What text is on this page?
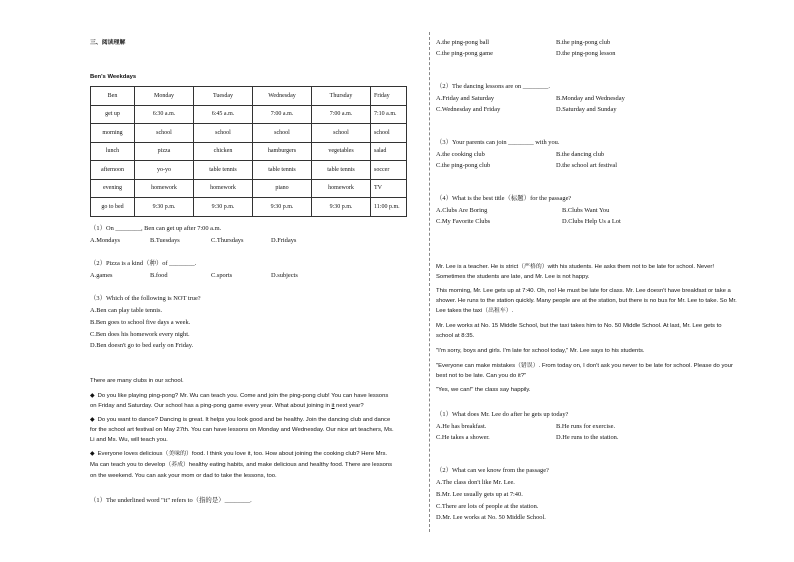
三、阅读理解
Ben's Weekdays
Ben	Monday	Tuesday	Wednesday	Thursday	Friday
get up	6:30 a.m.	6:45 a.m.	7:00 a.m.	7:00 a.m.	7:10 a.m.
morning	school	school	school	school	school
lunch	pizza	chicken	hamburgers	vegetables	salad
afternoon	yo-yo	table tennis	table tennis	table tennis	soccer
evening	homework	homework	piano	homework	TV
go to bed	9:30 p.m.	9:30 p.m.	9:30 p.m.	9:30 p.m.	11:00 p.m.
（1）On ________, Ben can get up after 7:00 a.m.
A.Mondays	B.Tuesdays	C.Thursdays	D.Fridays
（2）Pizza is a kind（种）of ________.
A.games	B.food	C.sports	D.subjects
（3）Which of the following is NOT true?
A.Ben can play table tennis.
B.Ben goes to school five days a week.
C.Ben does his homework every night.
D.Ben doesn't go to bed early on Friday.
There are many clubs in our school.
◆ Do you like playing ping-pong? Mr. Wu can teach you. Come and join the ping-pong club! You can have lessons
on Friday and Saturday. Our school has a ping-pong game every year. What about joining in it next year?
◆ Do you want to dance? Dancing is great. It helps you look good and be healthy. Join the dancing club and dance
for the school art festival on May 27th. You can have lessons on Monday and Wednesday. Our nice art teachers, Ms.
Li and Ms. Wu, will teach you.
◆ Everyone loves delicious（美味的）food. I think you love it, too. How about joining the cooking club? Here Mrs.
Ma can teach you to develop（养成）healthy eating habits, and make delicious and healthy food. There are lessons
on the weekend. You can ask your mom or dad to take the lessons, too.
（1）The underlined word "it" refers to（指的是）________.
A.the ping-pong ball	B.the ping-pong club
C.the ping-pong game	D.the ping-pong lesson
（2）The dancing lessons are on ________.
A.Friday and Saturday	B.Monday and Wednesday
C.Wednesday and Friday	D.Saturday and Sunday
（3）Your parents can join ________ with you.
A.the cooking club	B.the dancing club
C.the ping-pong club	D.the school art festival
（4）What is the best title（标题）for the passage?
A.Clubs Are Boring	B.Clubs Want You
C.My Favorite Clubs	D.Clubs Help Us a Lot
Mr. Lee is a teacher. He is strict（严格的）with his students. He asks them not to be late for school. Never!
Sometimes the students are late, and Mr. Lee is not happy.
This morning, Mr. Lee gets up at 7:40. Oh, no! He must be late for class. Mr. Lee doesn't have breakfast or take a
shower. He runs to the station quickly. Many people are at the station, but there is no bus for Mr. Lee to take. So Mr.
Lee takes the taxi（出租车）.
Mr. Lee works at No. 15 Middle School, but the taxi takes him to No. 50 Middle School. At last, Mr. Lee gets to
school at 8:35.
"I'm sorry, boys and girls. I'm late for school today," Mr. Lee says to his students.
"Everyone can make mistakes（错误）. From today on, I don't ask you never to be late for school. Please do your
best not to be late. Can you do it?"
"Yes, we can!" the class say happily.
（1）What does Mr. Lee do after he gets up today?
A.He has breakfast.	B.He runs for exercise.
C.He takes a shower.	D.He runs to the station.
（2）What can we know from the passage?
A.The class don't like Mr. Lee.
B.Mr. Lee usually gets up at 7:40.
C.There are lots of people at the station.
D.Mr. Lee works at No. 50 Middle School.
